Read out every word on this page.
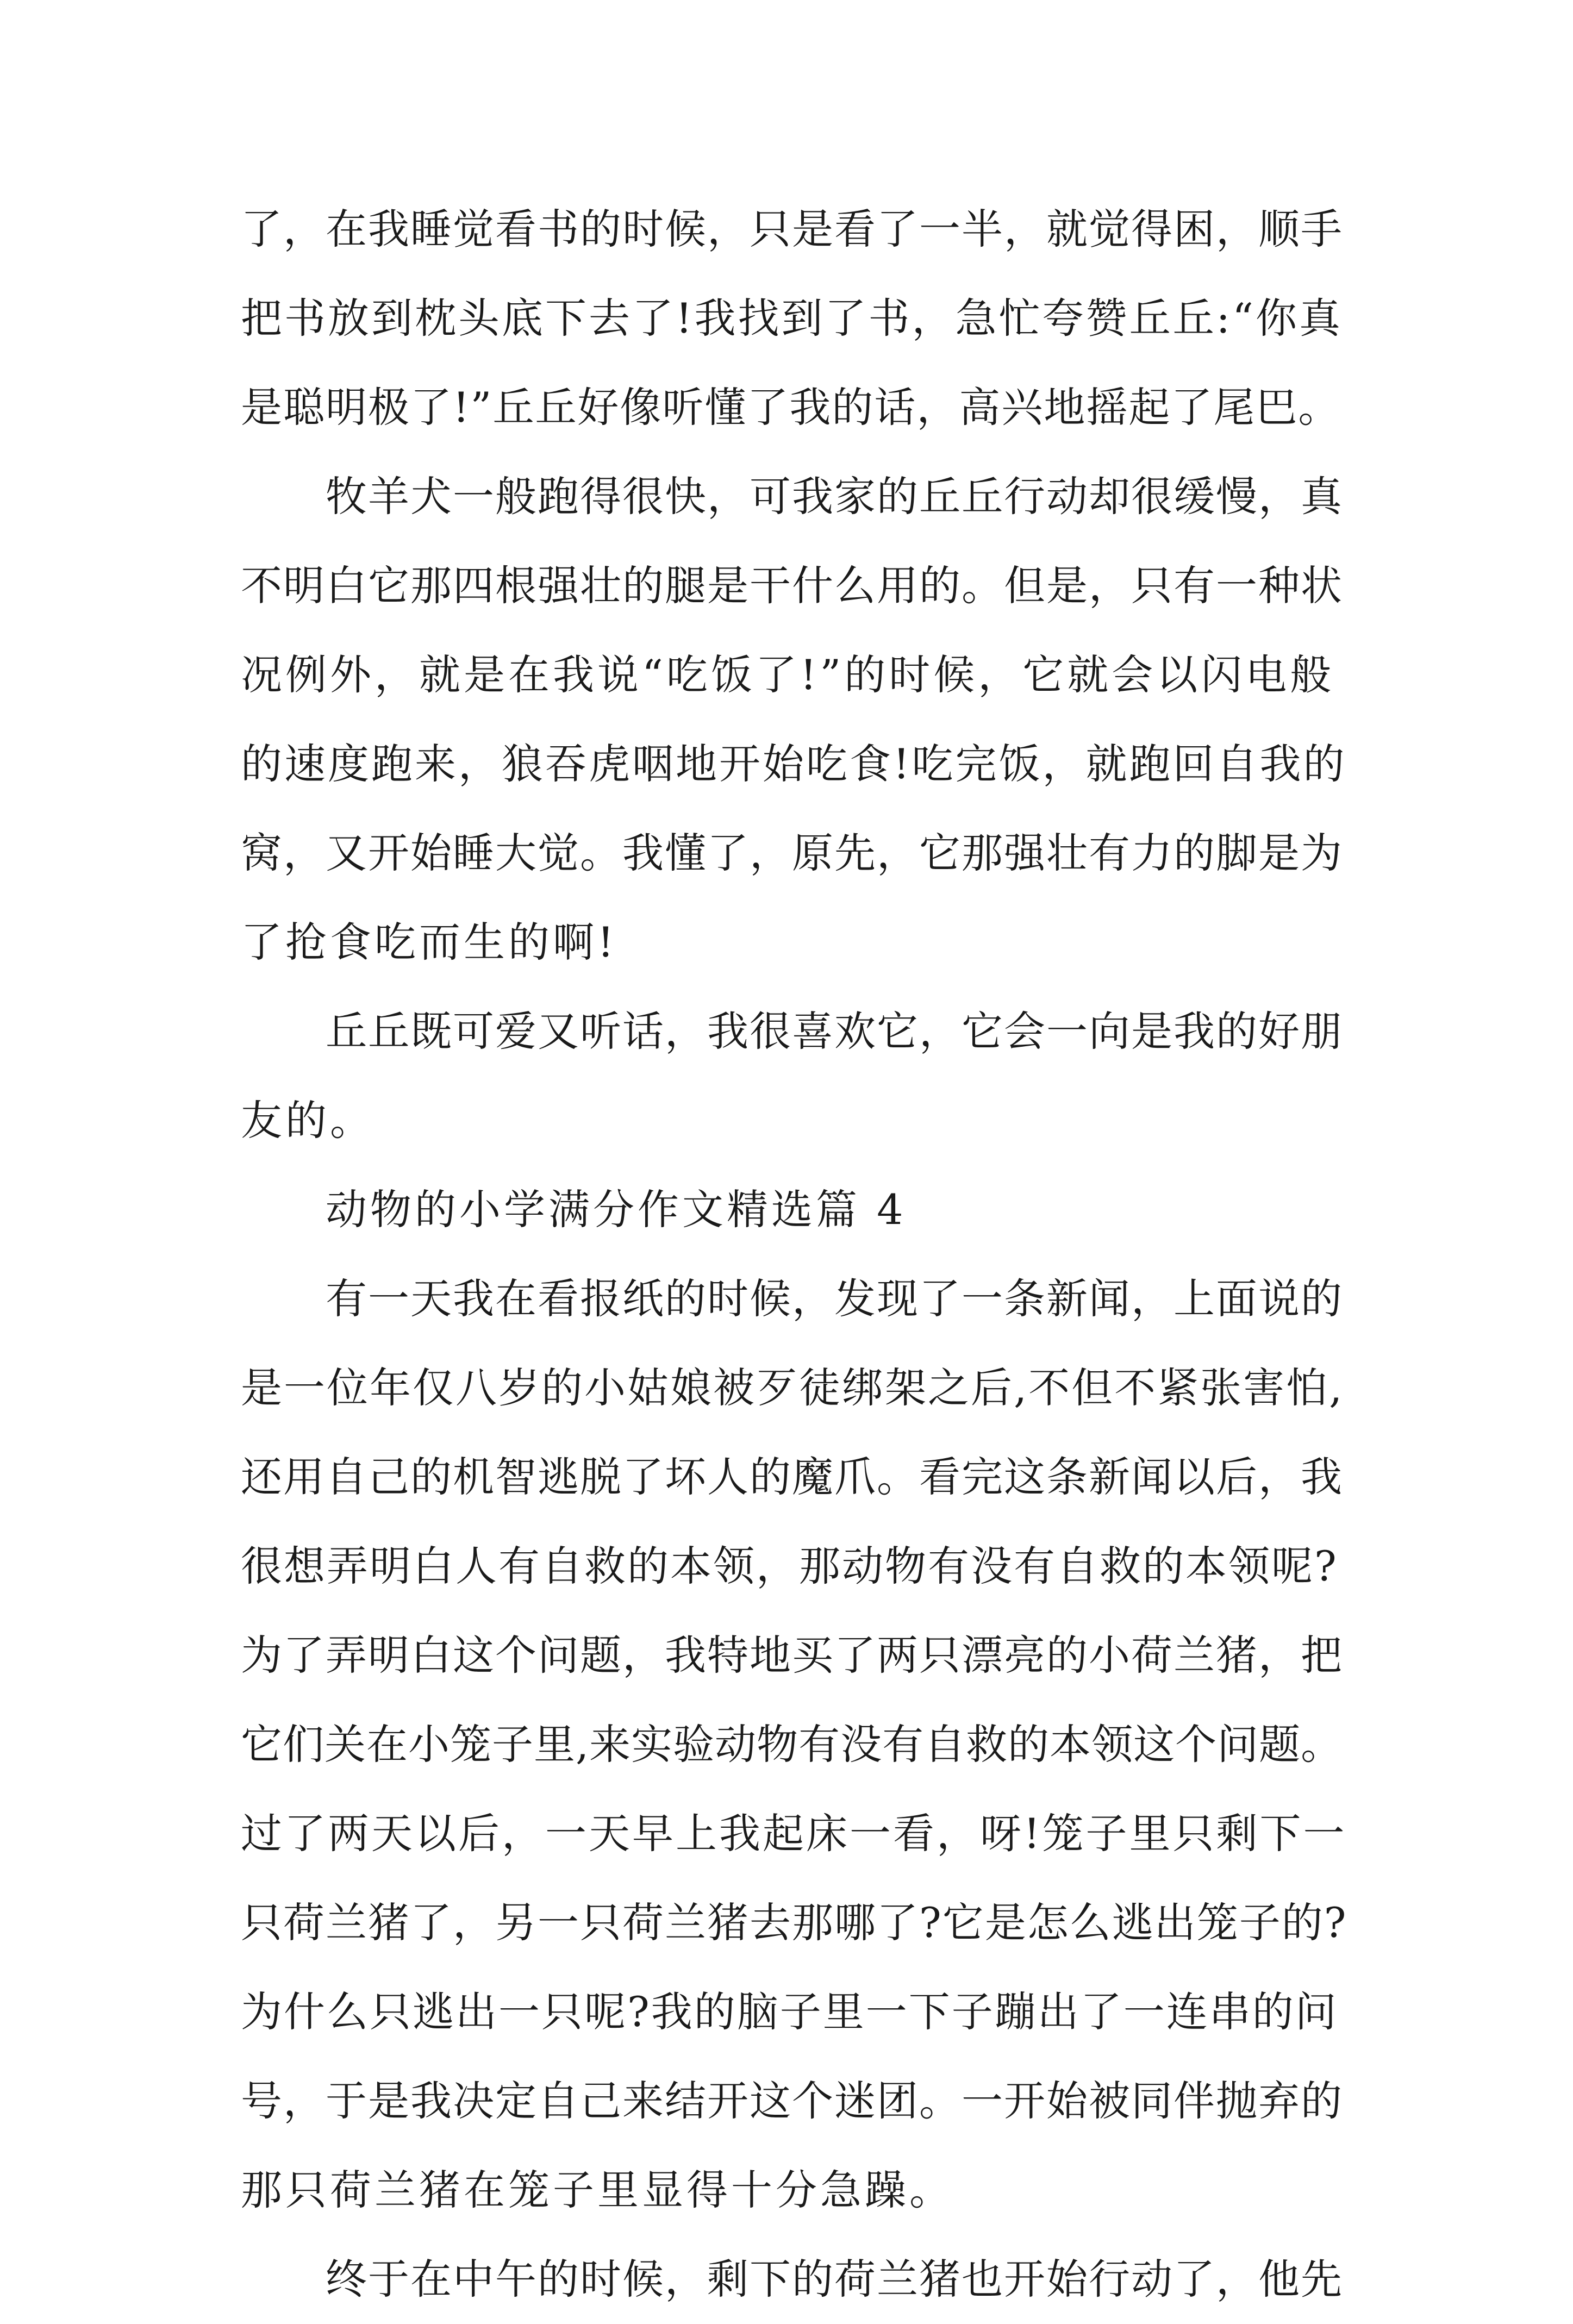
了，在我睡觉看书的时候，只是看了一半，就觉得困，顺手
把书放到枕头底下去了!我找到了书，急忙夸赞丘丘:“你真
是聪明极了!”丘丘好像听懂了我的话，高兴地摇起了尾巴。
牧羊犬一般跑得很快，可我家的丘丘行动却很缓慢，真
不明白它那四根强壮的腿是干什么用的。但是，只有一种状
况例外，就是在我说“吃饭了!”的时候，它就会以闪电般
的速度跑来，狼吞虎咽地开始吃食!吃完饭，就跑回自我的
窝，又开始睡大觉。我懂了，原先，它那强壮有力的脚是为
了抢食吃而生的啊!
丘丘既可爱又听话，我很喜欢它，它会一向是我的好朋
友的。
动物的小学满分作文精选篇 4
有一天我在看报纸的时候，发现了一条新闻，上面说的
是一位年仅八岁的小姑娘被歹徒绑架之后,不但不紧张害怕,
还用自己的机智逃脱了坏人的魔爪。看完这条新闻以后，我
很想弄明白人有自救的本领，那动物有没有自救的本领呢?
为了弄明白这个问题，我特地买了两只漂亮的小荷兰猪，把
它们关在小笼子里,来实验动物有没有自救的本领这个问题。
过了两天以后，一天早上我起床一看，呀!笼子里只剩下一
只荷兰猪了，另一只荷兰猪去那哪了?它是怎么逃出笼子的?
为什么只逃出一只呢?我的脑子里一下子蹦出了一连串的问
号，于是我决定自己来结开这个迷团。一开始被同伴抛弃的
那只荷兰猪在笼子里显得十分急躁。
终于在中午的时候，剩下的荷兰猪也开始行动了，他先
